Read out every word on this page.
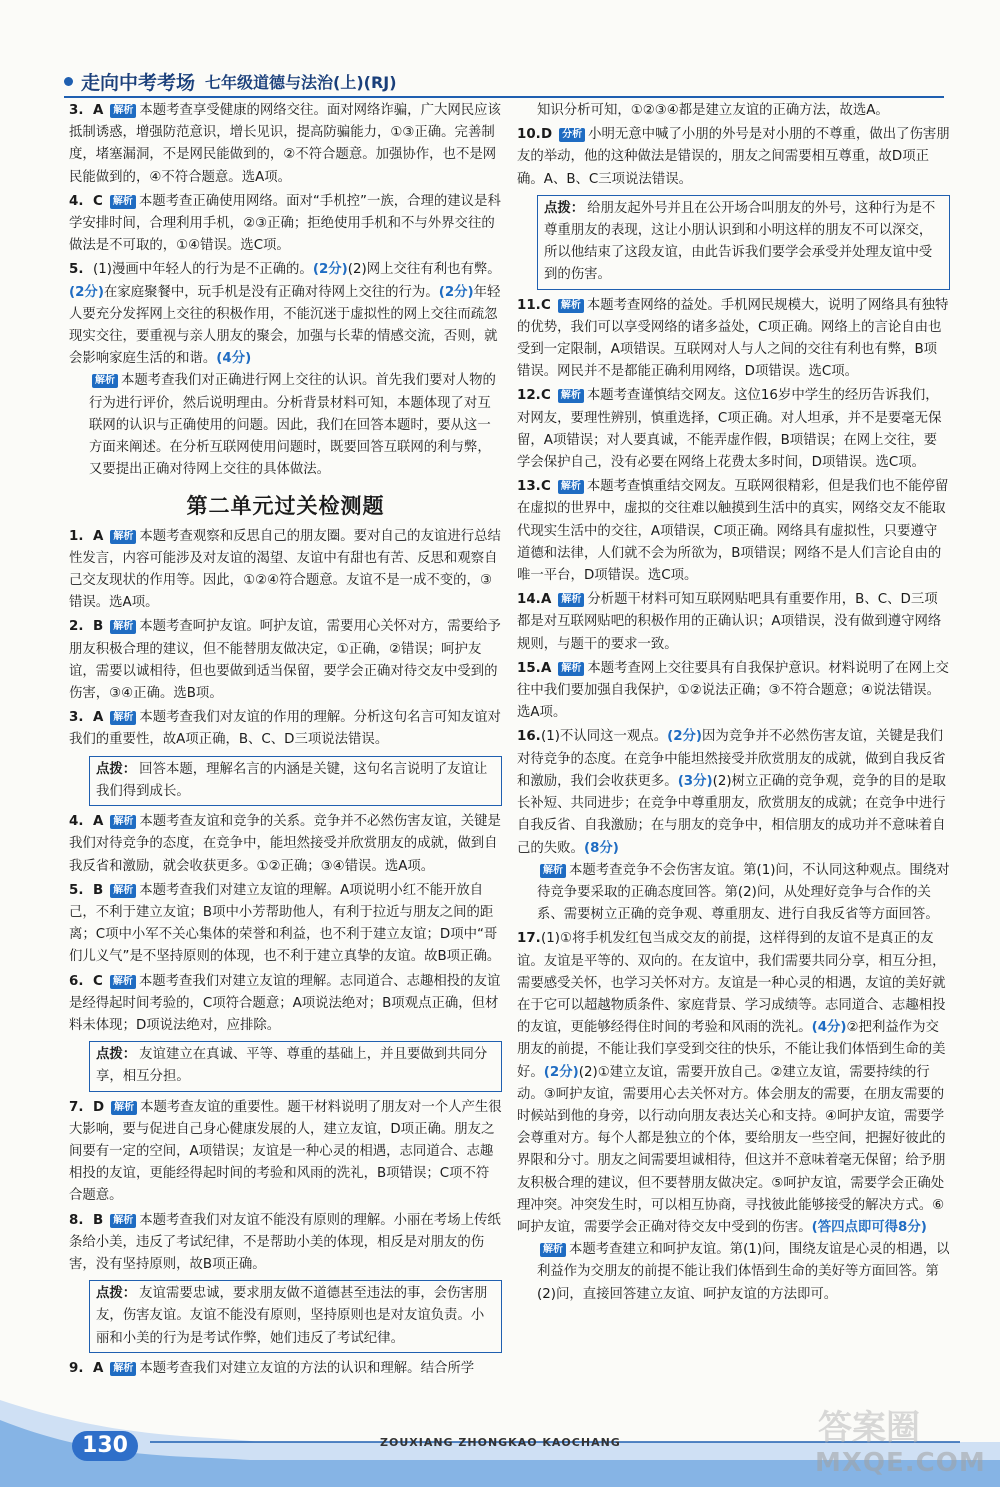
走向中考考场 七年级道德与法治(上)(RJ)
3. A 解析 本题考查享受健康的网络交往。面对网络诈骗，广大网民应该抵制诱惑，增强防范意识，增长见识，提高防骗能力，①③正确。完善制度，堵塞漏洞，不是网民能做到的，②不符合题意。加强协作，也不是网民能做到的，④不符合题意。选A项。
4. C 解析 本题考查正确使用网络。面对“手机控”一族，合理的建议是科学安排时间，合理利用手机，②③正确；拒绝使用手机和不与外界交往的做法是不可取的，①④错误。选C项。
5. (1)漫画中年轻人的行为是不正确的。(2分)(2)网上交往有利也有弊。(2分)在家庭聚餐中，玩手机是没有正确对待网上交往的行为。(2分)年轻人要充分发挥网上交往的积极作用，不能沉迷于虚拟性的网上交往而疏忽现实交往，要重视与亲人朋友的聚会，加强与长辈的情感交流，否则，就会影响家庭生活的和谐。(4分)
解析 本题考查我们对正确进行网上交往的认识。首先我们要对人物的行为进行评价，然后说明理由。分析背景材料可知，本题体现了对互联网的认识与正确使用的问题。因此，我们在回答本题时，要从这一方面来阐述。在分析互联网使用问题时，既要回答互联网的利与弊，又要提出正确对待网上交往的具体做法。
第二单元过关检测题
1. A 解析 本题考查观察和反思自己的朋友圈。要对自己的友谊进行总结性发言，内容可能涉及对友谊的渴望、友谊中有甜也有苦、反思和观察自己交友现状的作用等。因此，①②④符合题意。友谊不是一成不变的，③错误。选A项。
2. B 解析 本题考查呵护友谊。呵护友谊，需要用心关怀对方，需要给予朋友积极合理的建议，但不能替朋友做决定，①正确，②错误；呵护友谊，需要以诚相待，但也要做到适当保留，要学会正确对待交友中受到的伤害，③④正确。选B项。
3. A 解析 本题考查我们对友谊的作用的理解。分析这句名言可知友谊对我们的重要性，故A项正确，B、C、D三项说法错误。
点拨： 回答本题，理解名言的内涵是关键，这句名言说明了友谊让我们得到成长。
4. A 解析 本题考查友谊和竞争的关系。竞争并不必然伤害友谊，关键是我们对待竞争的态度，在竞争中，能坦然接受并欣赏朋友的成就，做到自我反省和激励，就会收获更多。①②正确；③④错误。选A项。
5. B 解析 本题考查我们对建立友谊的理解。A项说明小红不能开放自己，不利于建立友谊；B项中小芳帮助他人，有利于拉近与朋友之间的距离；C项中小军不关心集体的荣誉和利益，也不利于建立友谊；D项中“哥们儿义气”是不坚持原则的体现，也不利于建立真挚的友谊。故B项正确。
6. C 解析 本题考查我们对建立友谊的理解。志同道合、志趣相投的友谊是经得起时间考验的，C项符合题意；A项说法绝对；B项观点正确，但材料未体现；D项说法绝对，应排除。
点拨： 友谊建立在真诚、平等、尊重的基础上，并且要做到共同分享，相互分担。
7. D 解析 本题考查友谊的重要性。题干材料说明了朋友对一个人产生很大影响，要与促进自己身心健康发展的人，建立友谊，D项正确。朋友之间要有一定的空间，A项错误；友谊是一种心灵的相遇，志同道合、志趣相投的友谊，更能经得起时间的考验和风雨的洗礼，B项错误；C项不符合题意。
8. B 解析 本题考查我们对友谊不能没有原则的理解。小丽在考场上传纸条给小美，违反了考试纪律，不是帮助小美的体现，相反是对朋友的伤害，没有坚持原则，故B项正确。
点拨： 友谊需要忠诚，要求朋友做不道德甚至违法的事，会伤害朋友，伤害友谊。友谊不能没有原则，坚持原则也是对友谊负责。小丽和小美的行为是考试作弊，她们违反了考试纪律。
9. A 解析 本题考查我们对建立友谊的方法的认识和理解。结合所学
知识分析可知，①②③④都是建立友谊的正确方法，故选A。
10.D 分析 小明无意中喊了小朋的外号是对小朋的不尊重，做出了伤害朋友的举动，他的这种做法是错误的，朋友之间需要相互尊重，故D项正确。A、B、C三项说法错误。
点拨： 给朋友起外号并且在公开场合叫朋友的外号，这种行为是不尊重朋友的表现，这让小朋认识到和小明这样的朋友不可以深交，所以他结束了这段友谊，由此告诉我们要学会承受并处理友谊中受到的伤害。
11.C 解析 本题考查网络的益处。手机网民规模大，说明了网络具有独特的优势，我们可以享受网络的诸多益处，C项正确。网络上的言论自由也受到一定限制，A项错误。互联网对人与人之间的交往有利也有弊，B项错误。网民并不是都能正确利用网络，D项错误。选C项。
12.C 解析 本题考查谨慎结交网友。这位16岁中学生的经历告诉我们，对网友，要理性辨别，慎重选择，C项正确。对人坦承，并不是要毫无保留，A项错误；对人要真诚，不能弄虚作假，B项错误；在网上交往，要学会保护自己，没有必要在网络上花费太多时间，D项错误。选C项。
13.C 解析 本题考查慎重结交网友。互联网很精彩，但是我们也不能停留在虚拟的世界中，虚拟的交往难以触摸到生活中的真实，网络交友不能取代现实生活中的交往，A项错误，C项正确。网络具有虚拟性，只要遵守道德和法律，人们就不会为所欲为，B项错误；网络不是人们言论自由的唯一平台，D项错误。选C项。
14.A 解析 分析题干材料可知互联网贴吧具有重要作用，B、C、D三项都是对互联网贴吧的积极作用的正确认识；A项错误，没有做到遵守网络规则，与题干的要求一致。
15.A 解析 本题考查网上交往要具有自我保护意识。材料说明了在网上交往中我们要加强自我保护，①②说法正确；③不符合题意；④说法错误。选A项。
16.(1)不认同这一观点。(2分)因为竞争并不必然伤害友谊，关键是我们对待竞争的态度。在竞争中能坦然接受并欣赏朋友的成就，做到自我反省和激励，我们会收获更多。(3分)(2)树立正确的竞争观，竞争的目的是取长补短、共同进步；在竞争中尊重朋友，欣赏朋友的成就；在竞争中进行自我反省、自我激励；在与朋友的竞争中，相信朋友的成功并不意味着自己的失败。(8分)
解析 本题考查竞争不会伤害友谊。第(1)问，不认同这种观点。围绕对待竞争要采取的正确态度回答。第(2)问，从处理好竞争与合作的关系、需要树立正确的竞争观、尊重朋友、进行自我反省等方面回答。
17.(1)①将手机发红包当成交友的前提，这样得到的友谊不是真正的友谊。友谊是平等的、双向的。在友谊中，我们需要共同分享，相互分担，需要感受关怀，也学习关怀对方。友谊是一种心灵的相遇，友谊的美好就在于它可以超越物质条件、家庭背景、学习成绩等。志同道合、志趣相投的友谊，更能够经得住时间的考验和风雨的洗礼。(4分)②把利益作为交朋友的前提，不能让我们享受到交往的快乐，不能让我们体悟到生命的美好。(2分)(2)①建立友谊，需要开放自己。②建立友谊，需要持续的行动。③呵护友谊，需要用心去关怀对方。体会朋友的需要，在朋友需要的时候站到他的身旁，以行动向朋友表达关心和支持。④呵护友谊，需要学会尊重对方。每个人都是独立的个体，要给朋友一些空间，把握好彼此的界限和分寸。朋友之间需要坦诚相待，但这并不意味着毫无保留；给予朋友积极合理的建议，但不要替朋友做决定。⑤呵护友谊，需要学会正确处理冲突。冲突发生时，可以相互协商，寻找彼此能够接受的解决方式。⑥呵护友谊，需要学会正确对待交友中受到的伤害。(答四点即可得8分)
解析 本题考查建立和呵护友谊。第(1)问，围绕友谊是心灵的相遇，以利益作为交朋友的前提不能让我们体悟到生命的美好等方面回答。第(2)问，直接回答建立友谊、呵护友谊的方法即可。
130	ZOUXIANG ZHONGKAO KAOCHANG	答案圈
MXQE.COM
